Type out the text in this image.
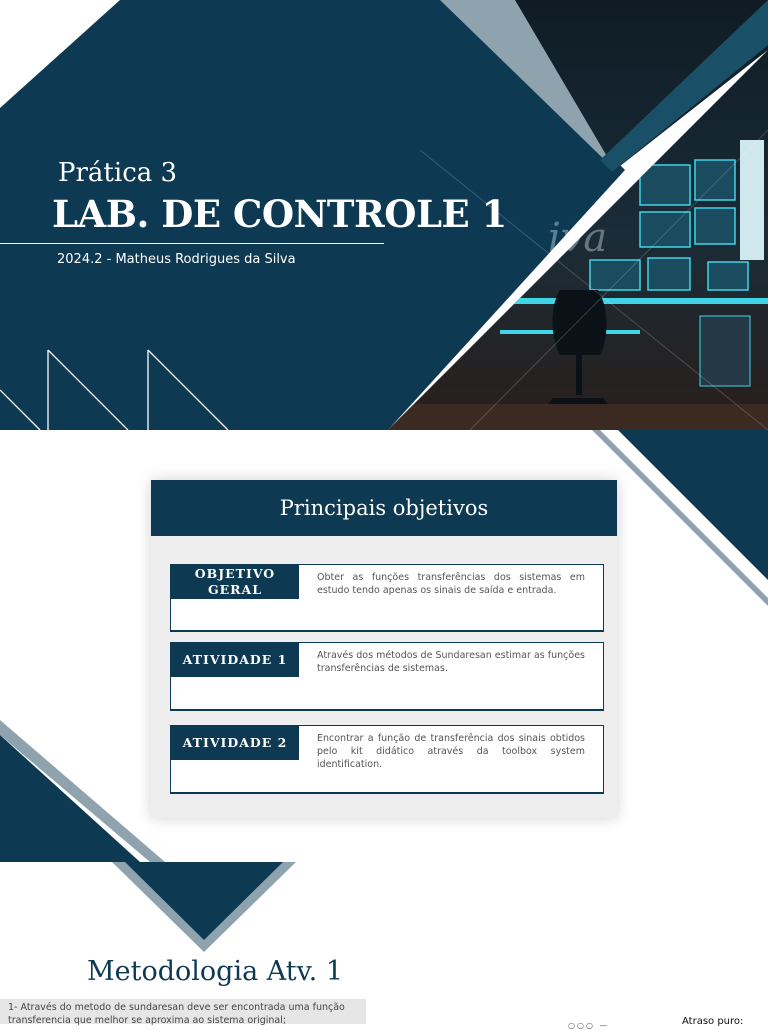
iva
Prática 3
LAB. DE CONTROLE 1
2024.2 - Matheus Rodrigues da Silva
Principais objetivos
OBJETIVO GERAL
Obter as funções transferências dos sistemas em estudo tendo apenas os sinais de saída e entrada.
ATIVIDADE 1	Através dos métodos de Sundaresan estimar as funções transferências de sistemas.
ATIVIDADE 2	Encontrar a função de transferência dos sinais obtidos pelo kit didático através da toolbox system identification.
Metodologia Atv. 1
1- Através do metodo de sundaresan deve ser encontrada uma função transferencia que melhor se aproxima ao sistema original;	○○○ —	Atraso puro:
